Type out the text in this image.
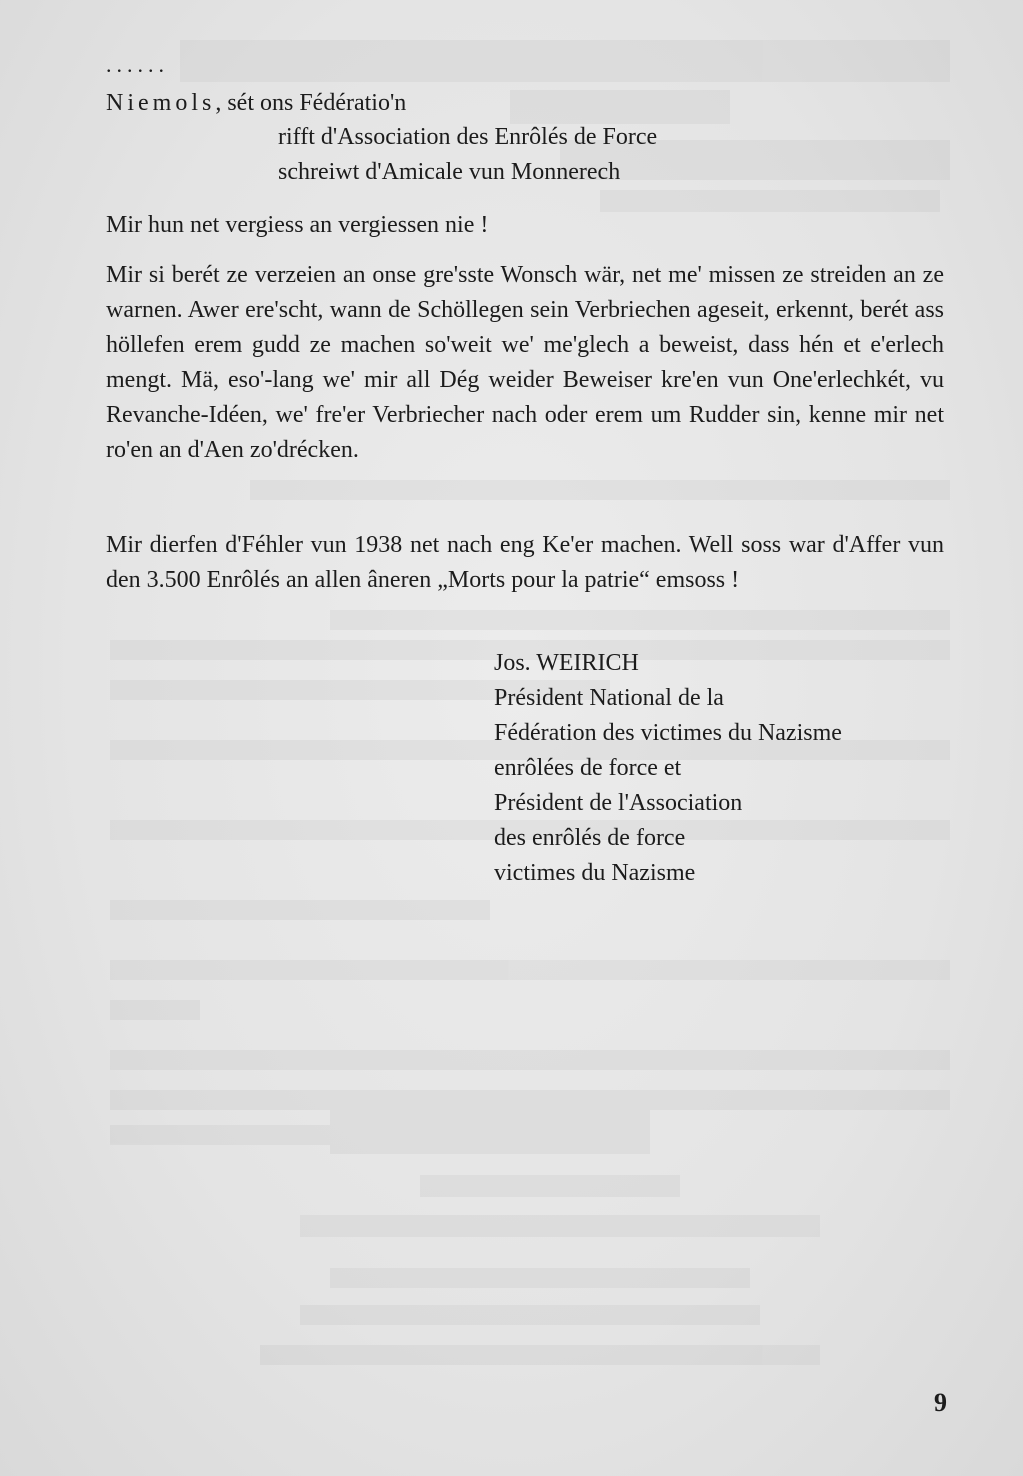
......
Niemols, sét ons Fédératio'n
rifft d'Association des Enrôlés de Force
schreiwt d'Amicale vun Monnerech
Mir hun net vergiess an vergiessen nie !
Mir si berét ze verzeien an onse gre'sste Wonsch wär, net me' missen ze streiden an ze warnen. Awer ere'scht, wann de Schöllegen sein Verbriechen ageseit, erkennt, berét ass höllefen erem gudd ze machen so'weit we' me'glech a beweist, dass hén et e'erlech mengt. Mä, eso'-lang we' mir all Dég weider Beweiser kre'en vun One'erlechkét, vu Revanche-Idéen, we' fre'er Verbriecher nach oder erem um Rudder sin, kenne mir net ro'en an d'Aen zo'drécken.
Mir dierfen d'Féhler vun 1938 net nach eng Ke'er machen. Well soss war d'Affer vun den 3.500 Enrôlés an allen âneren „Morts pour la patrie“ emsoss !
Jos. WEIRICH
Président National de la
Fédération des victimes du Nazisme
enrôlées de force et
Président de l'Association
des enrôlés de force
victimes du Nazisme
9
